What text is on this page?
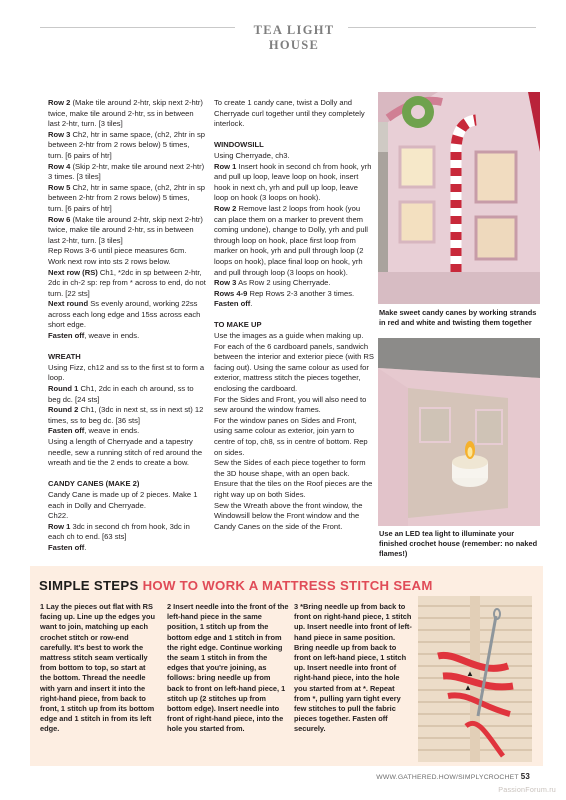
TEA LIGHT HOUSE

Row 2 (Make tile around 2-htr, skip next 2-htr) twice, make tile around 2-htr, ss in between last 2-htr, turn. [3 tiles]

Row 3 Ch2, htr in same space, (ch2, 2htr in sp between 2-htr from 2 rows below) 5 times, turn. [6 pairs of htr]

Row 4 (Skip 2-htr, make tile around next 2-htr) 3 times. [3 tiles]

Row 5 Ch2, htr in same space, (ch2, 2htr in sp between 2-htr from 2 rows below) 5 times, turn. [6 pairs of htr]

Row 6 (Make tile around 2-htr, skip next 2-htr) twice, make tile around 2-htr, ss in between last 2-htr, turn. [3 tiles]

Rep Rows 3-6 until piece measures 6cm.

Work next row into sts 2 rows below.

Next row (RS) Ch1, *2dc in sp between 2-htr, 2dc in ch-2 sp: rep from * across to end, do not turn. [22 sts]

Next round Ss evenly around, working 22ss across each long edge and 15ss across each short edge.

Fasten off, weave in ends.

WREATH

Using Fizz, ch12 and ss to the first st to form a loop.

Round 1 Ch1, 2dc in each ch around, ss to beg dc. [24 sts]

Round 2 Ch1, (3dc in next st, ss in next st) 12 times, ss to beg dc. [36 sts]

Fasten off, weave in ends.

Using a length of Cherryade and a tapestry needle, sew a running stitch of red around the wreath and tie the 2 ends to create a bow.

CANDY CANES (MAKE 2)

Candy Cane is made up of 2 pieces. Make 1 each in Dolly and Cherryade.

Ch22.

Row 1 3dc in second ch from hook, 3dc in each ch to end. [63 sts]

Fasten off.

To create 1 candy cane, twist a Dolly and Cherryade curl together until they completely interlock.

WINDOWSILL

Using Cherryade, ch3.

Row 1 Insert hook in second ch from hook, yrh and pull up loop, leave loop on hook, insert hook in next ch, yrh and pull up loop, leave loop on hook (3 loops on hook).

Row 2 Remove last 2 loops from hook (you can place them on a marker to prevent them coming undone), change to Dolly, yrh and pull through loop on hook, place first loop from marker on hook, yrh and pull through loop (2 loops on hook), place final loop on hook, yrh and pull through loop (3 loops on hook).

Row 3 As Row 2 using Cherryade.

Rows 4-9 Rep Rows 2-3 another 3 times.

Fasten off.

TO MAKE UP

Use the images as a guide when making up. For each of the 6 cardboard panels, sandwich between the interior and exterior piece (with RS facing out). Using the same colour as used for exterior, mattress stitch the pieces together, enclosing the cardboard.

For the Sides and Front, you will also need to sew around the window frames.

For the window panes on Sides and Front, using same colour as exterior, join yarn to centre of top, ch8, ss in centre of bottom. Rep on sides.

Sew the Sides of each piece together to form the 3D house shape, with an open back. Ensure that the tiles on the Roof pieces are the right way up on both Sides.

Sew the Wreath above the front window, the Windowsill below the Front window and the Candy Canes on the side of the Front.

Make sweet candy canes by working strands in red and white and twisting them together
Use an LED tea light to illuminate your finished crochet house (remember: no naked flames!)
SIMPLE STEPS HOW TO WORK A MATTRESS STITCH SEAM
1 Lay the pieces out flat with RS facing up. Line up the edges you want to join, matching up each crochet stitch or row-end carefully. It's best to work the mattress stitch seam vertically from bottom to top, so start at the bottom. Thread the needle with yarn and insert it into the right-hand piece, from back to front, 1 stitch up from its bottom edge and 1 stitch in from its left edge.
2 Insert needle into the front of the left-hand piece in the same position, 1 stitch up from the bottom edge and 1 stitch in from the right edge. Continue working the seam 1 stitch in from the edges that you're joining, as follows: bring needle up from back to front on left-hand piece, 1 stitch up (2 stitches up from bottom edge). Insert needle into front of right-hand piece, into the hole you started from.
3 *Bring needle up from back to front on right-hand piece, 1 stitch up. Insert needle into front of left-hand piece in same position. Bring needle up from back to front on left-hand piece, 1 stitch up. Insert needle into front of right-hand piece, into the hole you started from at *. Repeat from *, pulling yarn tight every few stitches to pull the fabric pieces together. Fasten off securely.
▲
▲
WWW.GATHERED.HOW/SIMPLYCROCHET 53
PassionForum.ru
